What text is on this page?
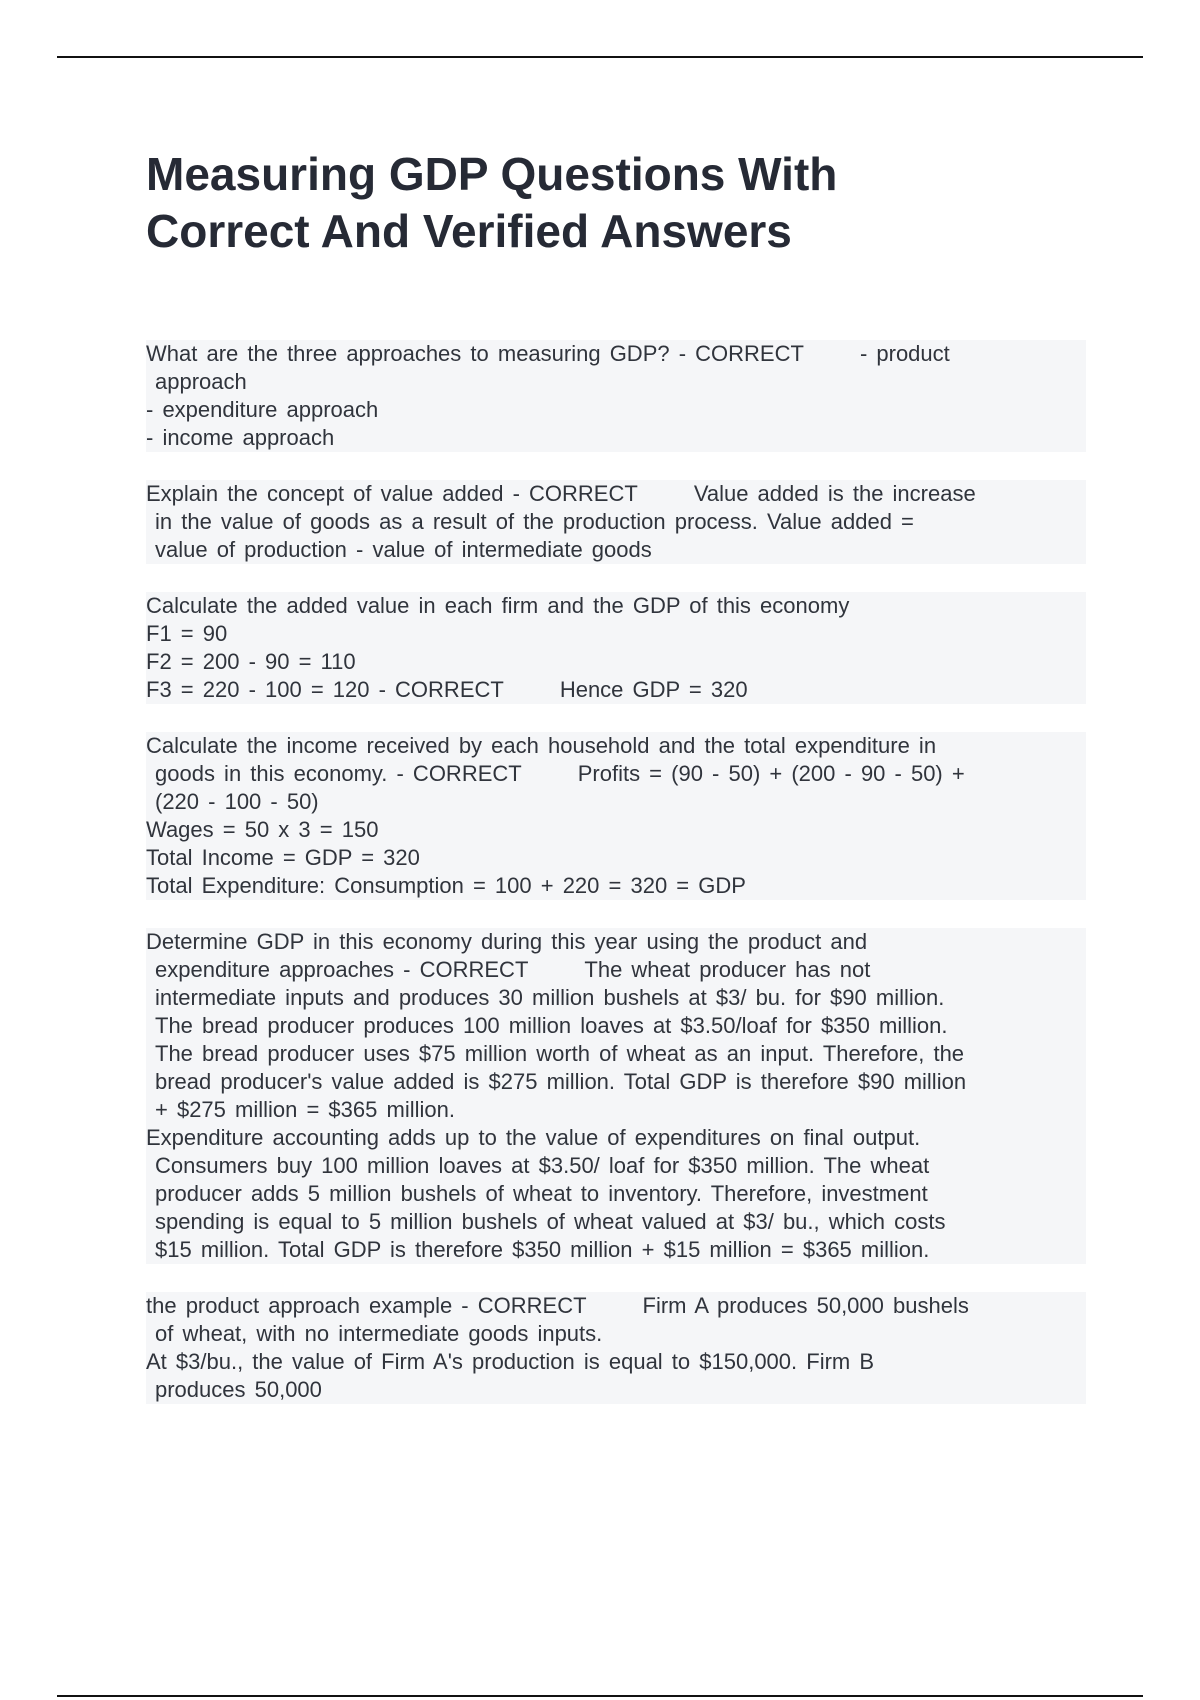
Measuring GDP Questions With
Correct And Verified Answers
What are the three approaches to measuring GDP? - CORRECT	- product
approach
- expenditure approach
- income approach
Explain the concept of value added - CORRECT	Value added is the increase
in the value of goods as a result of the production process. Value added =
value of production - value of intermediate goods
Calculate the added value in each firm and the GDP of this economy
F1 = 90
F2 = 200 - 90 = 110
F3 = 220 - 100 = 120 - CORRECT	Hence GDP = 320
Calculate the income received by each household and the total expenditure in
goods in this economy. - CORRECT	Profits = (90 - 50) + (200 - 90 - 50) +
(220 - 100 - 50)
Wages = 50 x 3 = 150
Total Income = GDP = 320
Total Expenditure: Consumption = 100 + 220 = 320 = GDP
Determine GDP in this economy during this year using the product and
expenditure approaches - CORRECT	The wheat producer has not
intermediate inputs and produces 30 million bushels at $3/ bu. for $90 million.
The bread producer produces 100 million loaves at $3.50/loaf for $350 million.
The bread producer uses $75 million worth of wheat as an input. Therefore, the
bread producer's value added is $275 million. Total GDP is therefore $90 million
+ $275 million = $365 million.
Expenditure accounting adds up to the value of expenditures on final output.
Consumers buy 100 million loaves at $3.50/ loaf for $350 million. The wheat
producer adds 5 million bushels of wheat to inventory. Therefore, investment
spending is equal to 5 million bushels of wheat valued at $3/ bu., which costs
$15 million. Total GDP is therefore $350 million + $15 million = $365 million.
the product approach example - CORRECT	Firm A produces 50,000 bushels
of wheat, with no intermediate goods inputs.
At $3/bu., the value of Firm A's production is equal to $150,000. Firm B
produces 50,000
